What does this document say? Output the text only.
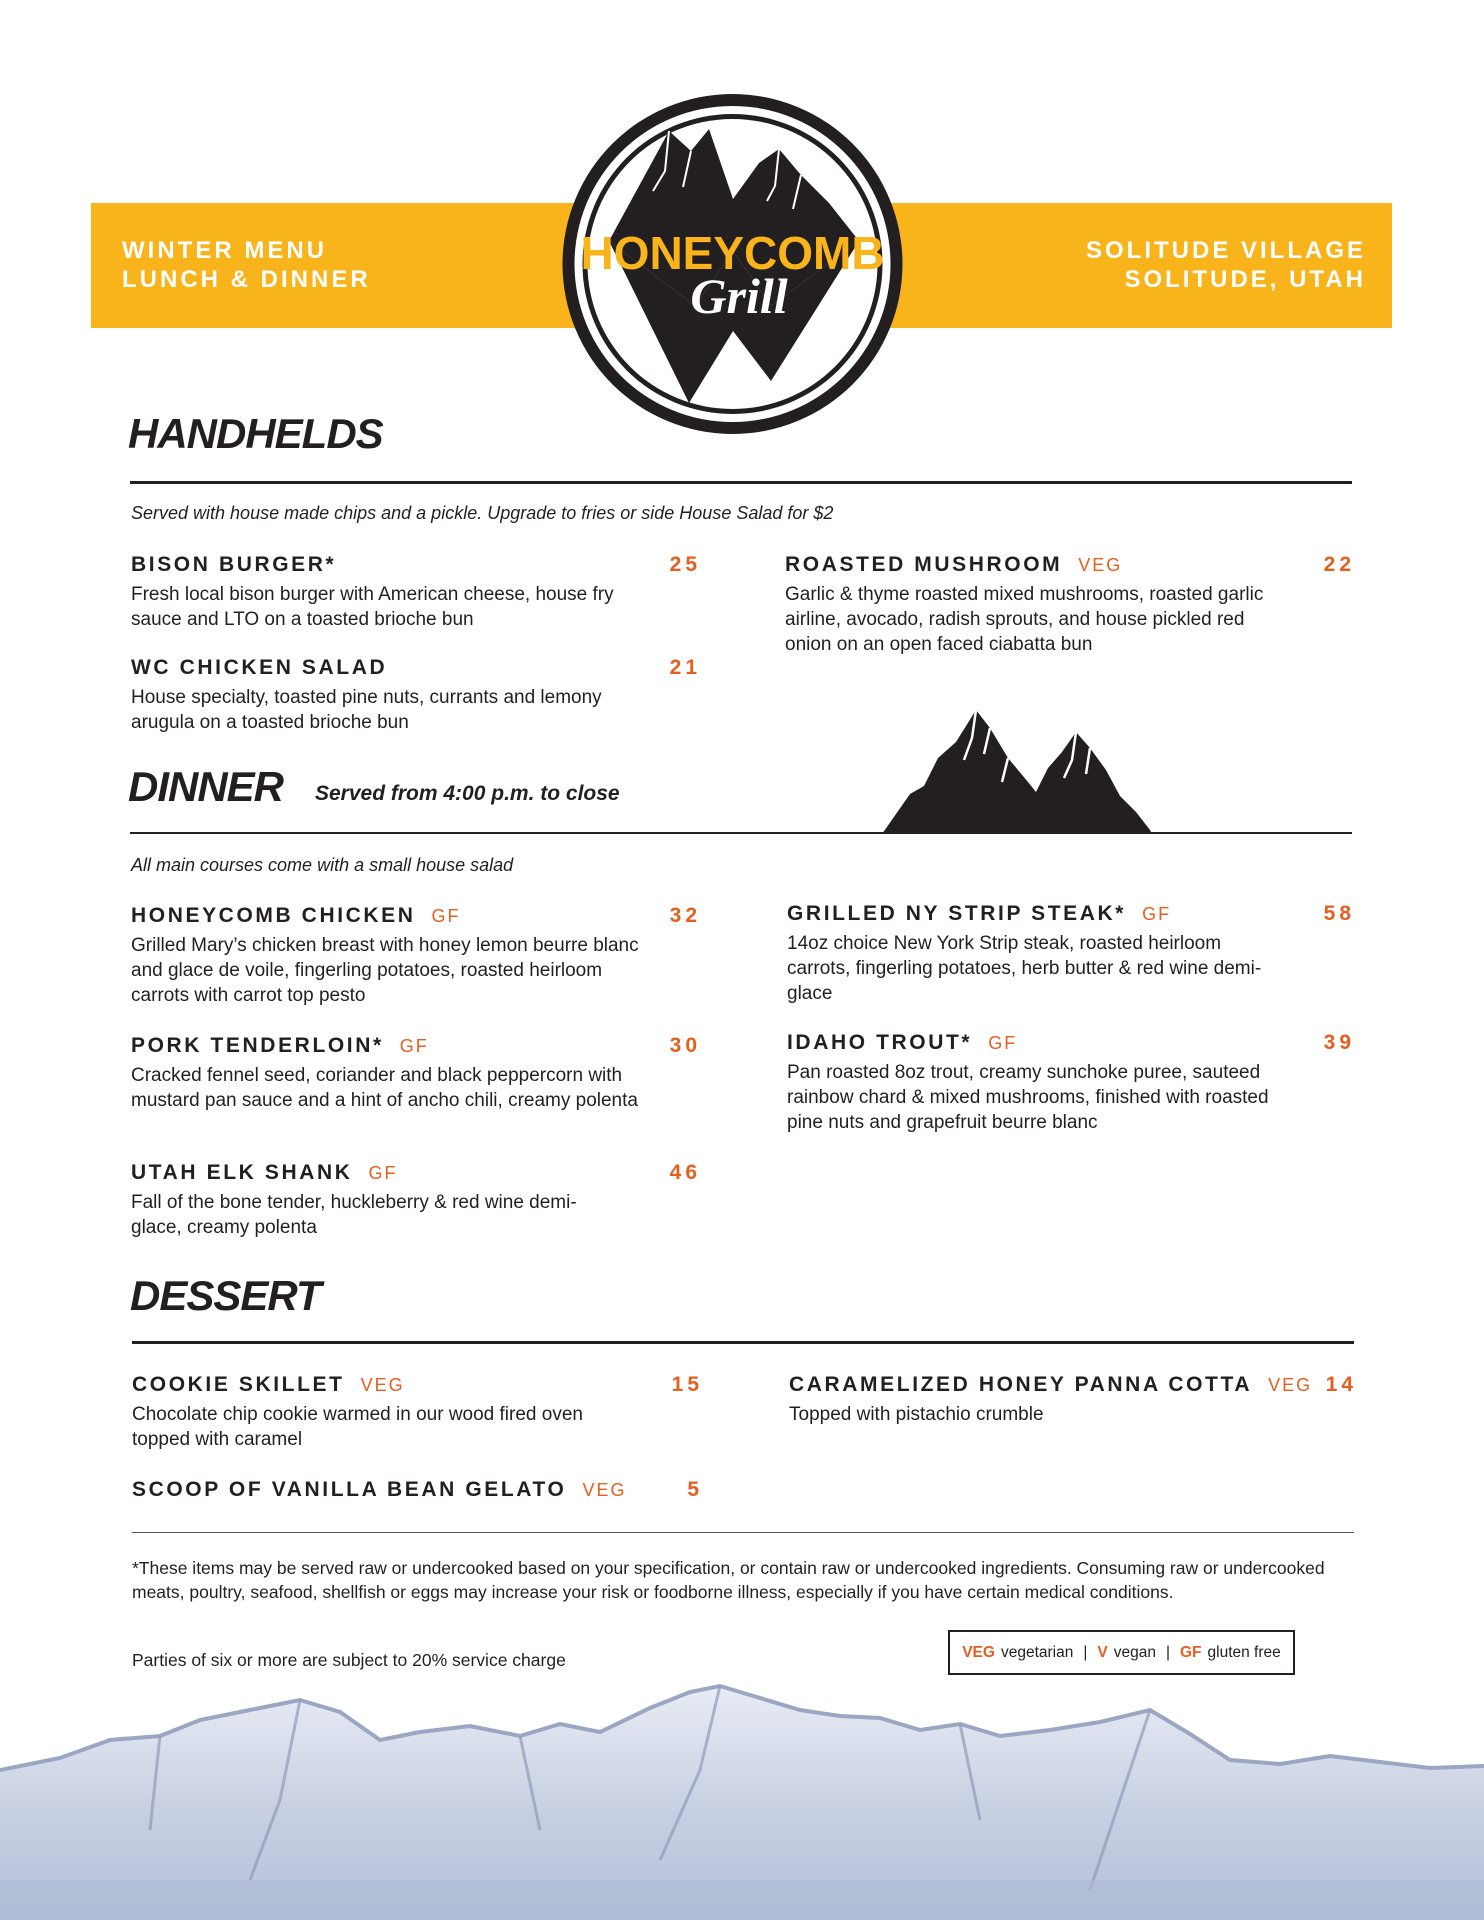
WINTER MENU
LUNCH & DINNER
SOLITUDE VILLAGE
SOLITUDE, UTAH
HONEYCOMB
Grill
HANDHELDS
Served with house made chips and a pickle. Upgrade to fries or side House Salad for $2
BISON BURGER*	25
Fresh local bison burger with American cheese, house fry sauce and LTO on a toasted brioche bun
WC CHICKEN SALAD	21
House specialty, toasted pine nuts, currants and lemony arugula on a toasted brioche bun
ROASTED MUSHROOM VEG	22
Garlic & thyme roasted mixed mushrooms, roasted garlic airline, avocado, radish sprouts, and house pickled red onion on an open faced ciabatta bun
DINNER Served from 4:00 p.m. to close
All main courses come with a small house salad
HONEYCOMB CHICKEN GF	32
Grilled Mary’s chicken breast with honey lemon beurre blanc and glace de voile, fingerling potatoes, roasted heirloom carrots with carrot top pesto
PORK TENDERLOIN* GF	30
Cracked fennel seed, coriander and black peppercorn with mustard pan sauce and a hint of ancho chili, creamy polenta
UTAH ELK SHANK GF	46
Fall of the bone tender, huckleberry & red wine demi-glace, creamy polenta
GRILLED NY STRIP STEAK* GF	58
14oz choice New York Strip steak, roasted heirloom carrots, fingerling potatoes, herb butter & red wine demi-glace
IDAHO TROUT* GF	39
Pan roasted 8oz trout, creamy sunchoke puree, sauteed rainbow chard & mixed mushrooms, finished with roasted pine nuts and grapefruit beurre blanc
DESSERT
COOKIE SKILLET VEG	15
Chocolate chip cookie warmed in our wood fired oven topped with caramel
SCOOP OF VANILLA BEAN GELATO VEG	5
CARAMELIZED HONEY PANNA COTTA VEG 14
Topped with pistachio crumble
*These items may be served raw or undercooked based on your specification, or contain raw or undercooked ingredients. Consuming raw or undercooked meats, poultry, seafood, shellfish or eggs may increase your risk or foodborne illness, especially if you have certain medical conditions.
Parties of six or more are subject to 20% service charge	VEG vegetarian | V vegan | GF gluten free
